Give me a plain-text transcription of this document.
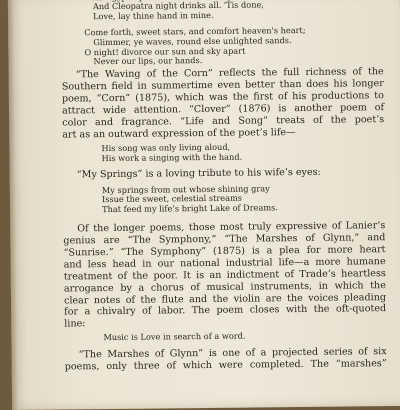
And Cleopatra night drinks all. 'Tis done,
Love, lay thine hand in mine.
Come forth, sweet stars, and comfort heaven's heart;
Glimmer, ye waves, round else unlighted sands.
O night! divorce our sun and sky apart
Never our lips, our hands.
“The Waving of the Corn” reflects the full richness of the
Southern field in summertime even better than does his longer
poem, “Corn” (1875), which was the first of his productions to
attract wide attention. “Clover” (1876) is another poem of
color and fragrance. “Life and Song” treats of the poet’s
art as an outward expression of the poet’s life—
His song was only living aloud,
His work a singing with the hand.
“My Springs” is a loving tribute to his wife’s eyes:
My springs from out whose shining gray
Issue the sweet, celestial streams
That feed my life’s bright Lake of Dreams.
Of the longer poems, those most truly expressive of Lanier’s
genius are “The Symphony,” “The Marshes of Glynn,” and
“Sunrise.” “The Symphony” (1875) is a plea for more heart
and less head in our national industrial life—a more humane
treatment of the poor. It is an indictment of Trade’s heartless
arrogance by a chorus of musical instruments, in which the
clear notes of the flute and the violin are the voices pleading
for a chivalry of labor. The poem closes with the oft-quoted
line:
Music is Love in search of a word.
“The Marshes of Glynn” is one of a projected series of six
poems, only three of which were completed. The “marshes”
